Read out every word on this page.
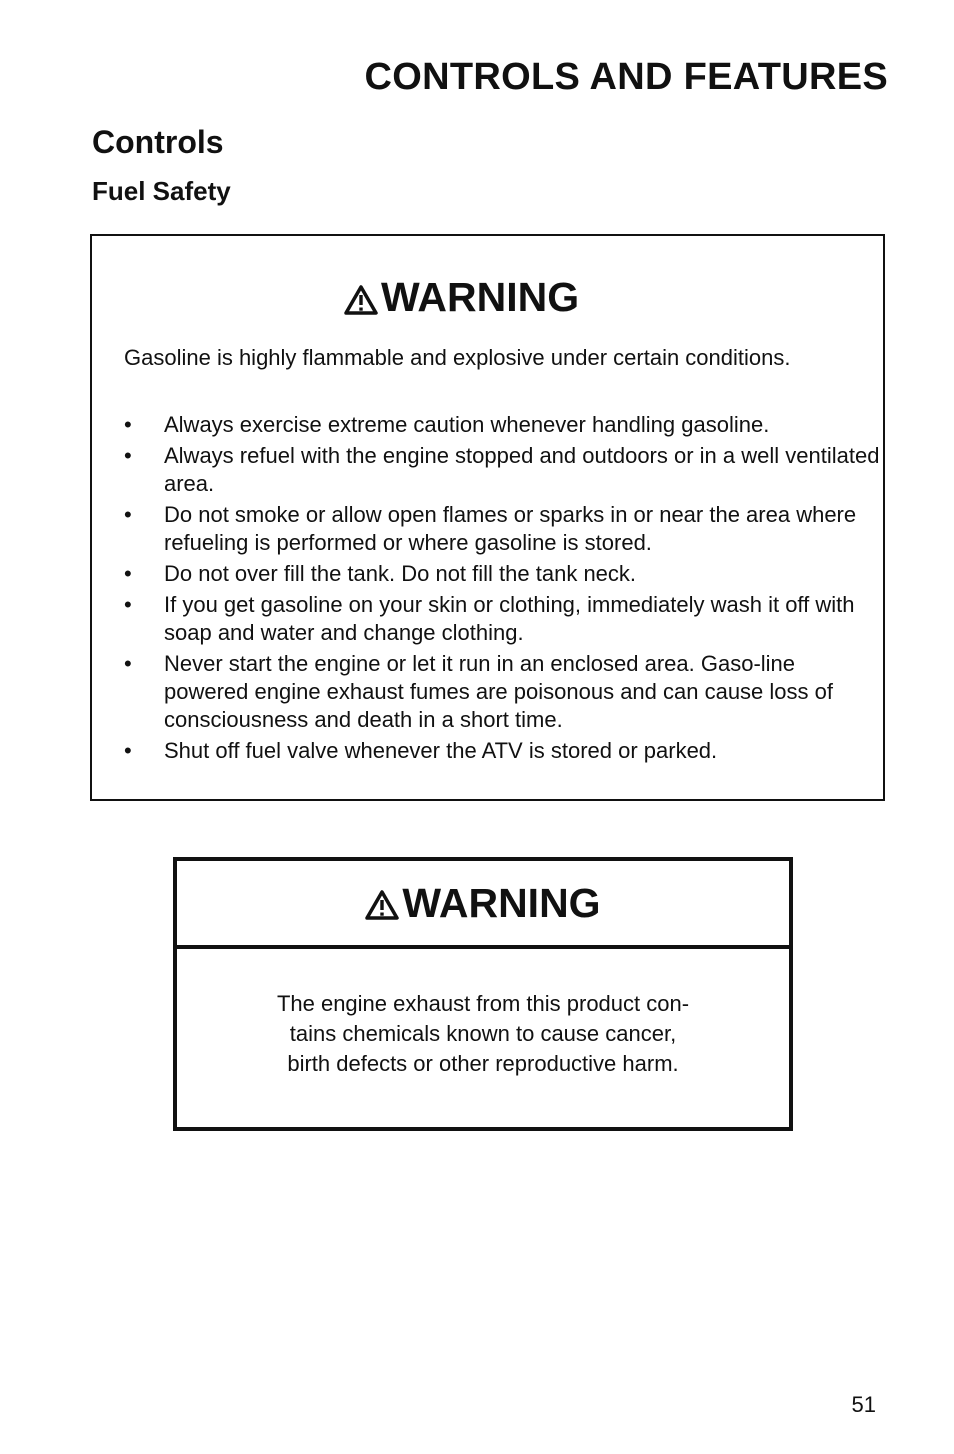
CONTROLS AND FEATURES
Controls
Fuel Safety
WARNING

Gasoline is highly flammable and explosive under certain conditions.

• Always exercise extreme caution whenever handling gasoline.
• Always refuel with the engine stopped and outdoors or in a well ventilated area.
• Do not smoke or allow open flames or sparks in or near the area where refueling is performed or where gasoline is stored.
• Do not over fill the tank. Do not fill the tank neck.
• If you get gasoline on your skin or clothing, immediately wash it off with soap and water and change clothing.
• Never start the engine or let it run in an enclosed area. Gaso-line powered engine exhaust fumes are poisonous and can cause loss of consciousness and death in a short time.
• Shut off fuel valve whenever the ATV is stored or parked.
WARNING
The engine exhaust from this product con-
tains chemicals known to cause cancer,
birth defects or other reproductive harm.
51
